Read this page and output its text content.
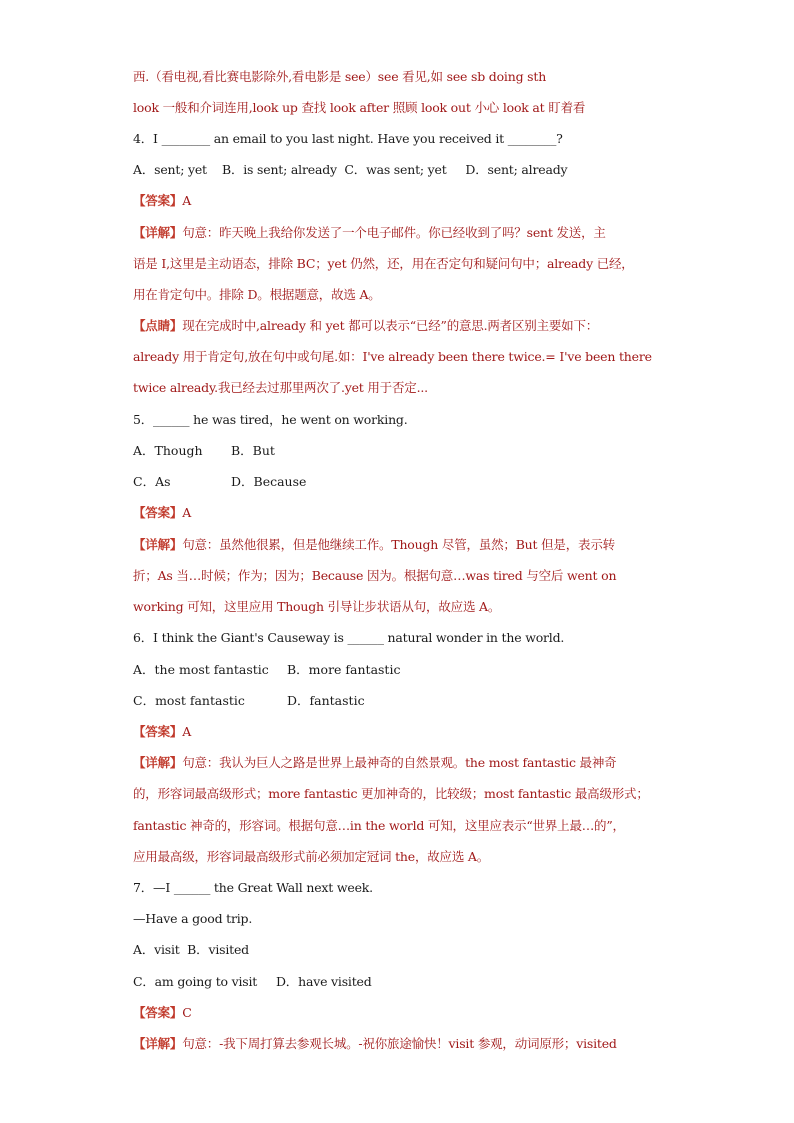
西.（看电视,看比赛电影除外,看电影是 see）see 看见,如 see sb doing sth
look 一般和介词连用,look up 查找 look after 照顾 look out 小心 look at 盯着看
4．I ________ an email to you last night. Have you received it ________?
A．sent; yet    B．is sent; already  C．was sent; yet     D．sent; already
【答案】A
【详解】句意：昨天晚上我给你发送了一个电子邮件。你已经收到了吗？sent 发送，主
语是 I,这里是主动语态，排除 BC；yet 仍然，还，用在否定句和疑问句中；already 已经，
用在肯定句中。排除 D。根据题意，故选 A。
【点睛】现在完成时中,already 和 yet 都可以表示“已经”的意思.两者区别主要如下：
already 用于肯定句,放在句中或句尾.如：I've already been there twice.= I've been there
twice already.我已经去过那里两次了.yet 用于否定...
5．______ he was tired，he went on working.
A．Though B．But
C．As	D．Because
【答案】A
【详解】句意：虽然他很累，但是他继续工作。Though 尽管，虽然；But 但是，表示转
折；As 当…时候；作为；因为；Because 因为。根据句意…was tired 与空后 went on
working 可知，这里应用 Though 引导让步状语从句，故应选 A。
6．I think the Giant's Causeway is ______ natural wonder in the world.
A．the most fantastic B．more fantastic
C．most fantastic	D．fantastic
【答案】A
【详解】句意：我认为巨人之路是世界上最神奇的自然景观。the most fantastic 最神奇
的，形容词最高级形式；more fantastic 更加神奇的，比较级；most fantastic 最高级形式；
fantastic 神奇的，形容词。根据句意…in the world 可知，这里应表示“世界上最…的”，
应用最高级，形容词最高级形式前必须加定冠词 the，故应选 A。
7．—I ______ the Great Wall next week.
—Have a good trip.
A．visit  B．visited
C．am going to visit     D．have visited
【答案】C
【详解】句意：-我下周打算去参观长城。-祝你旅途愉快！visit 参观，动词原形；visited
